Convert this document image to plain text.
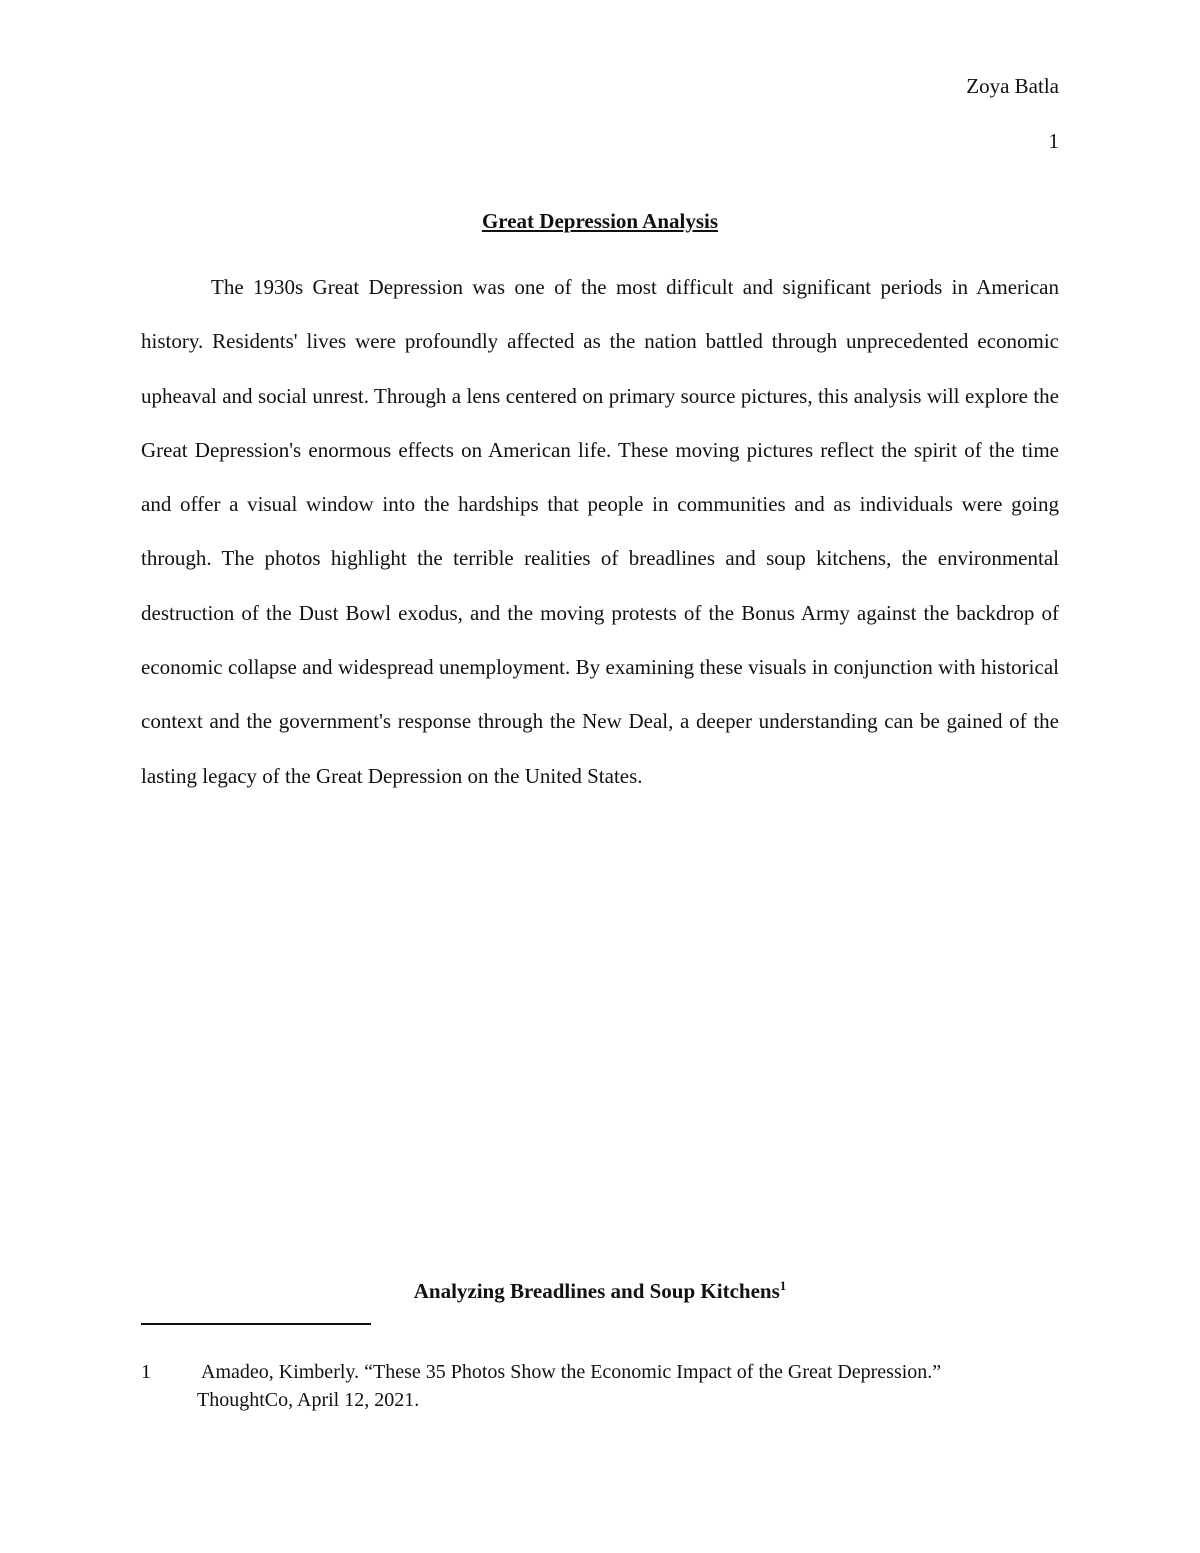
Zoya Batla
1
Great Depression Analysis

The 1930s Great Depression was one of the most difficult and significant periods in American history. Residents' lives were profoundly affected as the nation battled through unprecedented economic upheaval and social unrest. Through a lens centered on primary source pictures, this analysis will explore the Great Depression's enormous effects on American life. These moving pictures reflect the spirit of the time and offer a visual window into the hardships that people in communities and as individuals were going through. The photos highlight the terrible realities of breadlines and soup kitchens, the environmental destruction of the Dust Bowl exodus, and the moving protests of the Bonus Army against the backdrop of economic collapse and widespread unemployment. By examining these visuals in conjunction with historical context and the government's response through the New Deal, a deeper understanding can be gained of the lasting legacy of the Great Depression on the United States.

Analyzing Breadlines and Soup Kitchens$^1$
1	Amadeo, Kimberly. “These 35 Photos Show the Economic Impact of the Great Depression.” ThoughtCo, April 12, 2021.
